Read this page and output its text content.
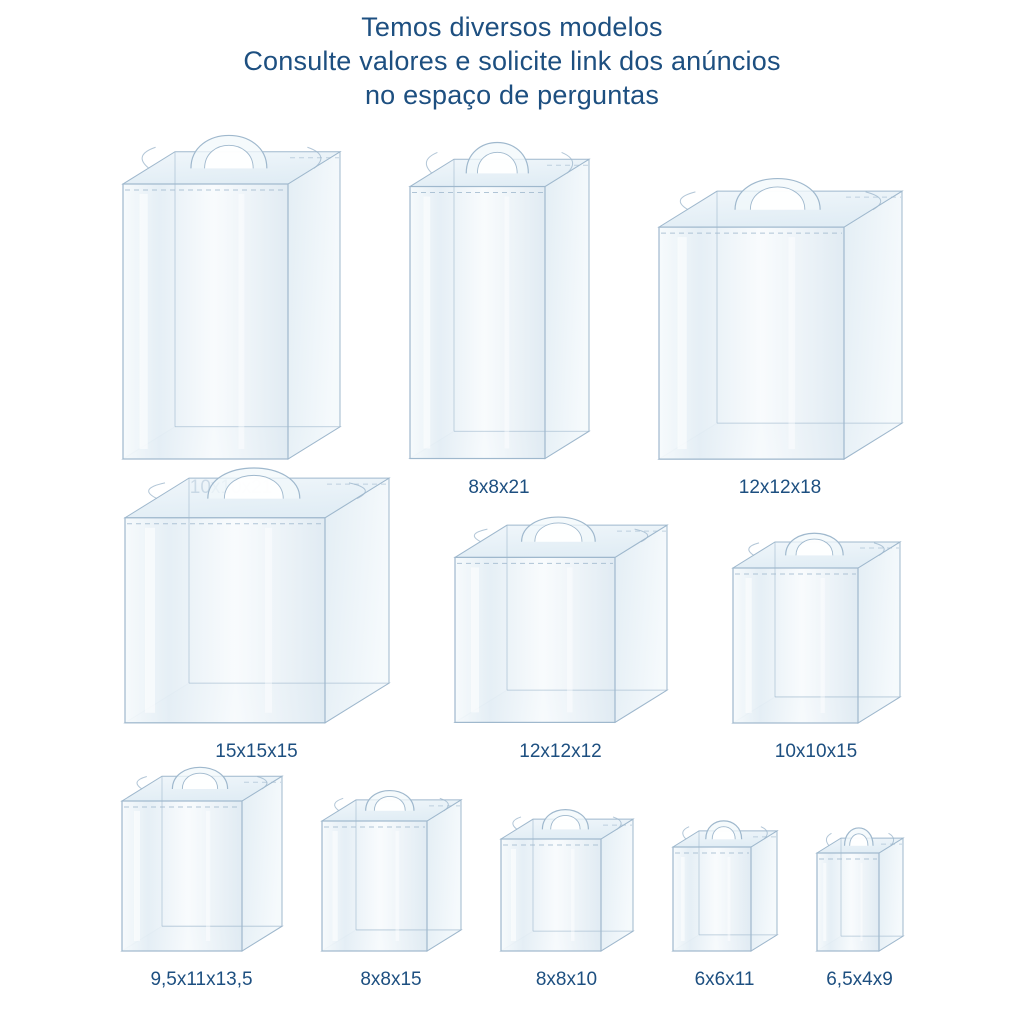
Temos diversos modelos
Consulte valores e solicite link dos anúncios
no espaço de perguntas
8x8x21	12x12x18
15x15x15	12x12x12	10x10x15
9,5x11x13,5	8x8x15	8x8x10	6x6x11	6,5x4x9
